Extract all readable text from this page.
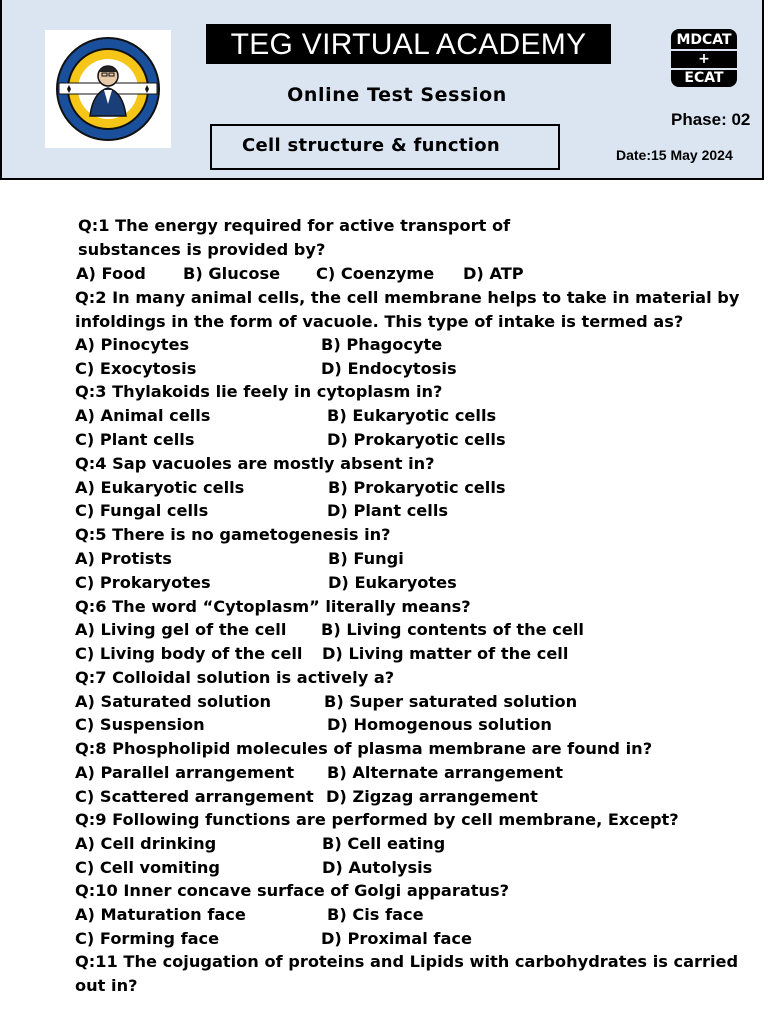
TEG VIRTUAL ACADEMY
Online Test Session
Cell structure & function
MDCAT
+
ECAT
Phase: 02
Date:15 May 2024
Q:1 The energy required for active transport of
substances is provided by?
A) Food B) Glucose C) Coenzyme D) ATP
Q:2 In many animal cells, the cell membrane helps to take in material by
infoldings in the form of vacuole. This type of intake is termed as?
A) Pinocytes	B) Phagocyte
C) Exocytosis	D) Endocytosis
Q:3 Thylakoids lie feely in cytoplasm in?
A) Animal cells	B) Eukaryotic cells
C) Plant cells	D) Prokaryotic cells
Q:4 Sap vacuoles are mostly absent in?
A) Eukaryotic cells	B) Prokaryotic cells
C) Fungal cells	D) Plant cells
Q:5 There is no gametogenesis in?
A) Protists	B) Fungi
C) Prokaryotes	D) Eukaryotes
Q:6 The word “Cytoplasm” literally means?
A) Living gel of the cell B) Living contents of the cell
C) Living body of the cell D) Living matter of the cell
Q:7 Colloidal solution is actively a?
A) Saturated solution	B) Super saturated solution
C) Suspension	D) Homogenous solution
Q:8 Phospholipid molecules of plasma membrane are found in?
A) Parallel arrangement B) Alternate arrangement
C) Scattered arrangement D) Zigzag arrangement
Q:9 Following functions are performed by cell membrane, Except?
A) Cell drinking	B) Cell eating
C) Cell vomiting	D) Autolysis
Q:10 Inner concave surface of Golgi apparatus?
A) Maturation face	B) Cis face
C) Forming face	D) Proximal face
Q:11 The cojugation of proteins and Lipids with carbohydrates is carried
out in?
